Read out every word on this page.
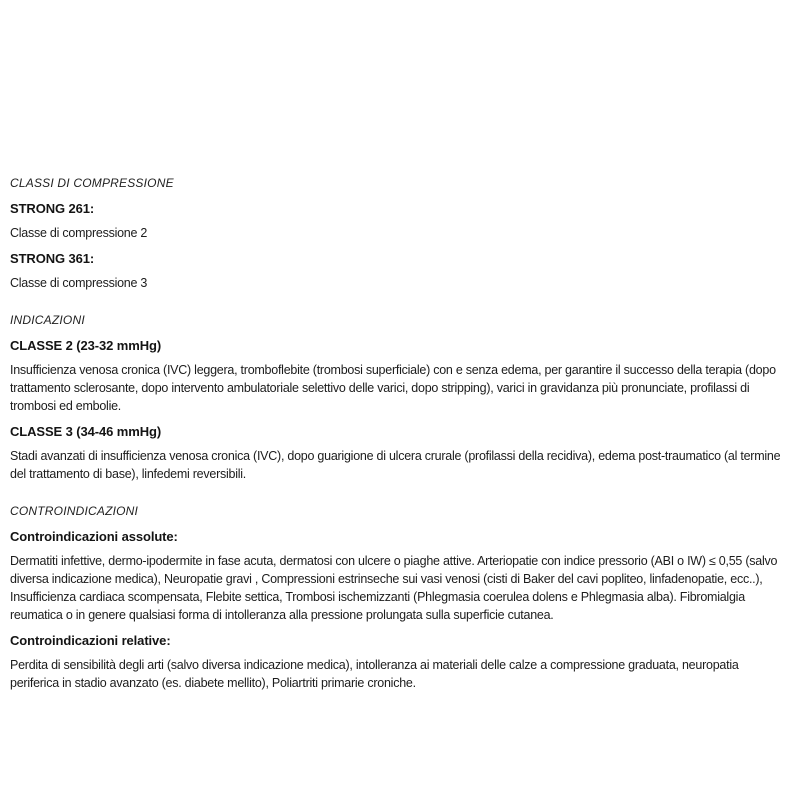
CLASSI DI COMPRESSIONE
STRONG 261:

Classe di compressione 2

STRONG 361:

Classe di compressione 3

INDICAZIONI
CLASSE 2 (23-32 mmHg)

Insufficienza venosa cronica (IVC) leggera, tromboflebite (trombosi superficiale) con e senza edema, per garantire il successo della terapia (dopo trattamento sclerosante, dopo intervento ambulatoriale selettivo delle varici, dopo stripping), varici in gravidanza più pronunciate, profilassi di trombosi ed embolie.

CLASSE 3 (34-46 mmHg)

Stadi avanzati di insufficienza venosa cronica (IVC), dopo guarigione di ulcera crurale (profilassi della recidiva), edema post-traumatico (al termine del trattamento di base), linfedemi reversibili.

CONTROINDICAZIONI
Controindicazioni assolute:

Dermatiti infettive, dermo-ipodermite in fase acuta, dermatosi con ulcere o piaghe attive. Arteriopatie con indice pressorio (ABI o IW) ≤ 0,55 (salvo diversa indicazione medica), Neuropatie gravi , Compressioni estrinseche sui vasi venosi (cisti di Baker del cavi popliteo, linfadenopatie, ecc..), Insufficienza cardiaca scompensata, Flebite settica, Trombosi ischemizzanti (Phlegmasia coerulea dolens e Phlegmasia alba). Fibromialgia reumatica o in genere qualsiasi forma di intolleranza alla pressione prolungata sulla superficie cutanea.

Controindicazioni relative:

Perdita di sensibilità degli arti (salvo diversa indicazione medica), intolleranza ai materiali delle calze a compressione graduata, neuropatia periferica in stadio avanzato (es. diabete mellito), Poliartriti primarie croniche.
